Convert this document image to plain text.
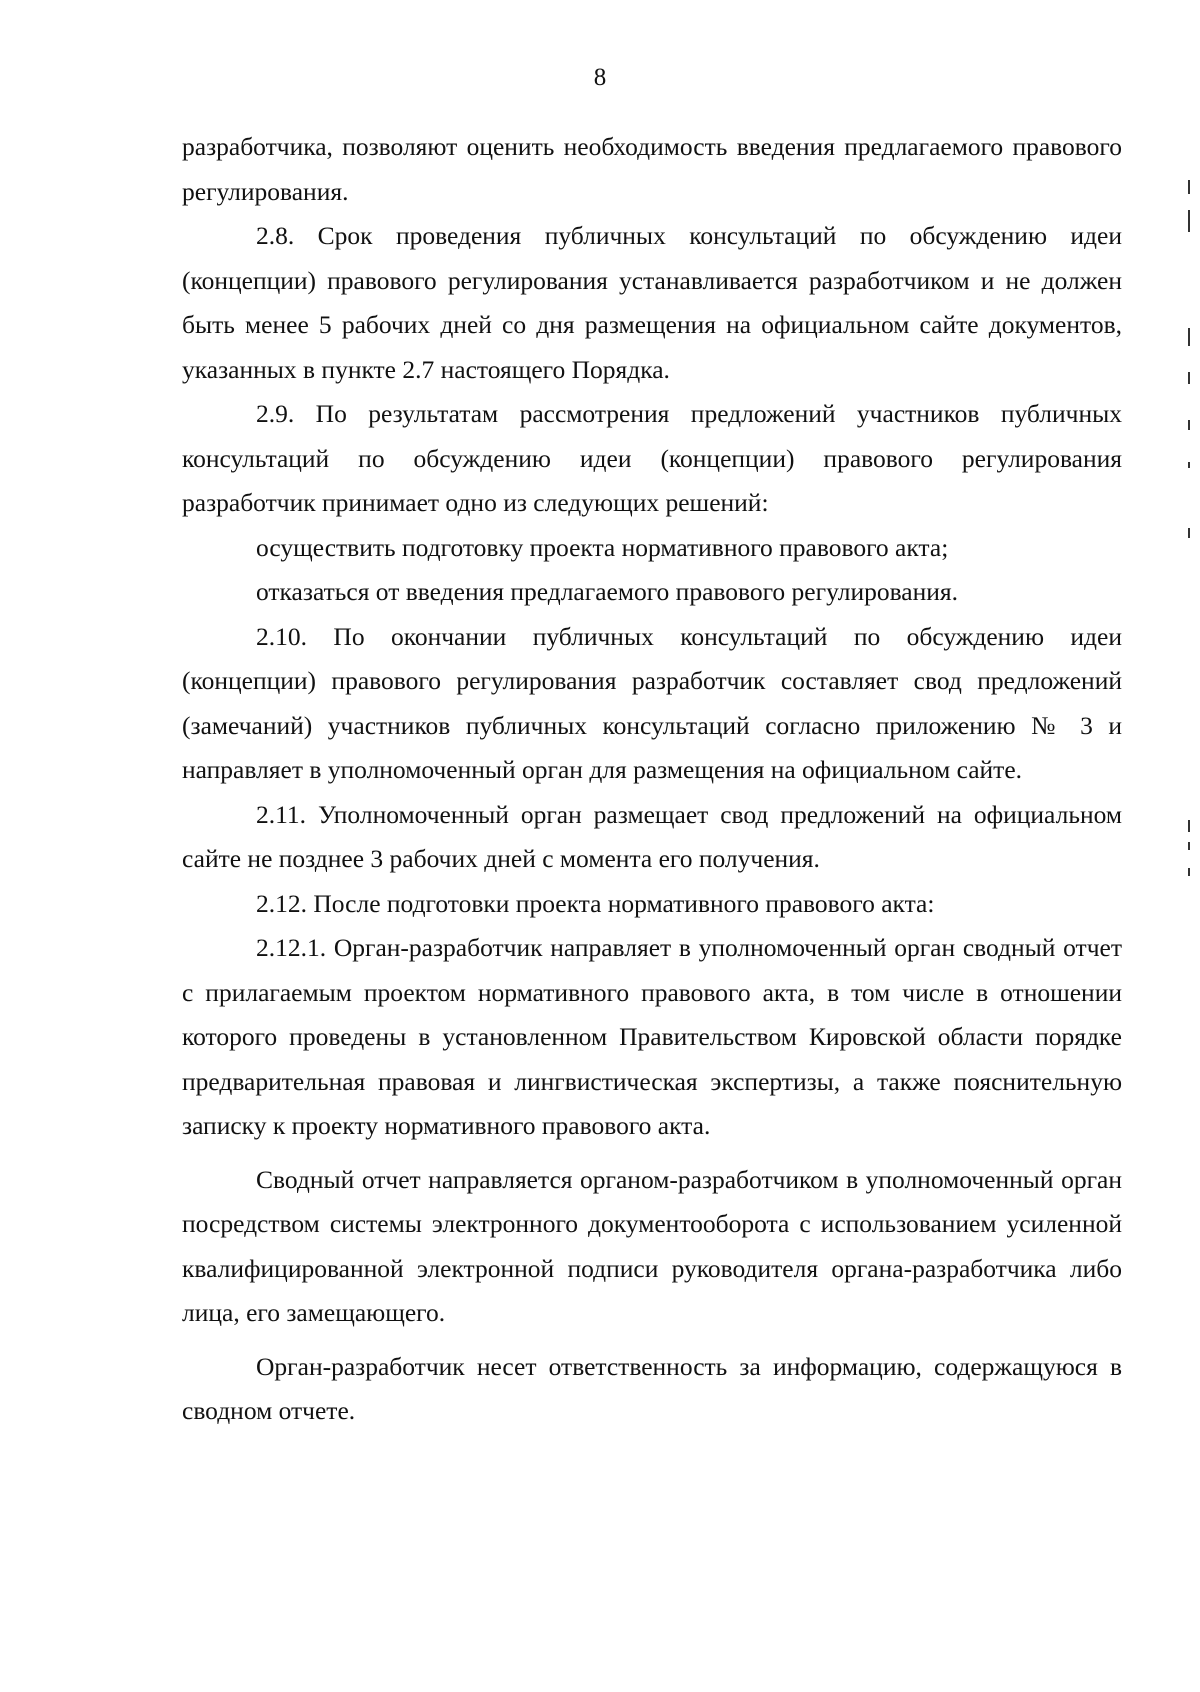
8

разработчика, позволяют оценить необходимость введения предлагаемого правового регулирования.

2.8. Срок проведения публичных консультаций по обсуждению идеи (концепции) правового регулирования устанавливается разработчиком и не должен быть менее 5 рабочих дней со дня размещения на официальном сайте документов, указанных в пункте 2.7 настоящего Порядка.

2.9. По результатам рассмотрения предложений участников публичных консультаций по обсуждению идеи (концепции) правового регулирования разработчик принимает одно из следующих решений:

осуществить подготовку проекта нормативного правового акта;

отказаться от введения предлагаемого правового регулирования.

2.10. По окончании публичных консультаций по обсуждению идеи (концепции) правового регулирования разработчик составляет свод предложений (замечаний) участников публичных консультаций согласно приложению № 3 и направляет в уполномоченный орган для размещения на официальном сайте.

2.11. Уполномоченный орган размещает свод предложений на официальном сайте не позднее 3 рабочих дней с момента его получения.

2.12. После подготовки проекта нормативного правового акта:

2.12.1. Орган-разработчик направляет в уполномоченный орган сводный отчет с прилагаемым проектом нормативного правового акта, в том числе в отношении которого проведены в установленном Правительством Кировской области порядке предварительная правовая и лингвистическая экспертизы, а также пояснительную записку к проекту нормативного правового акта.

Сводный отчет направляется органом-разработчиком в уполномоченный орган посредством системы электронного документооборота с использованием усиленной квалифицированной электронной подписи руководителя органа-разработчика либо лица, его замещающего.

Орган-разработчик несет ответственность за информацию, содержащуюся в сводном отчете.
